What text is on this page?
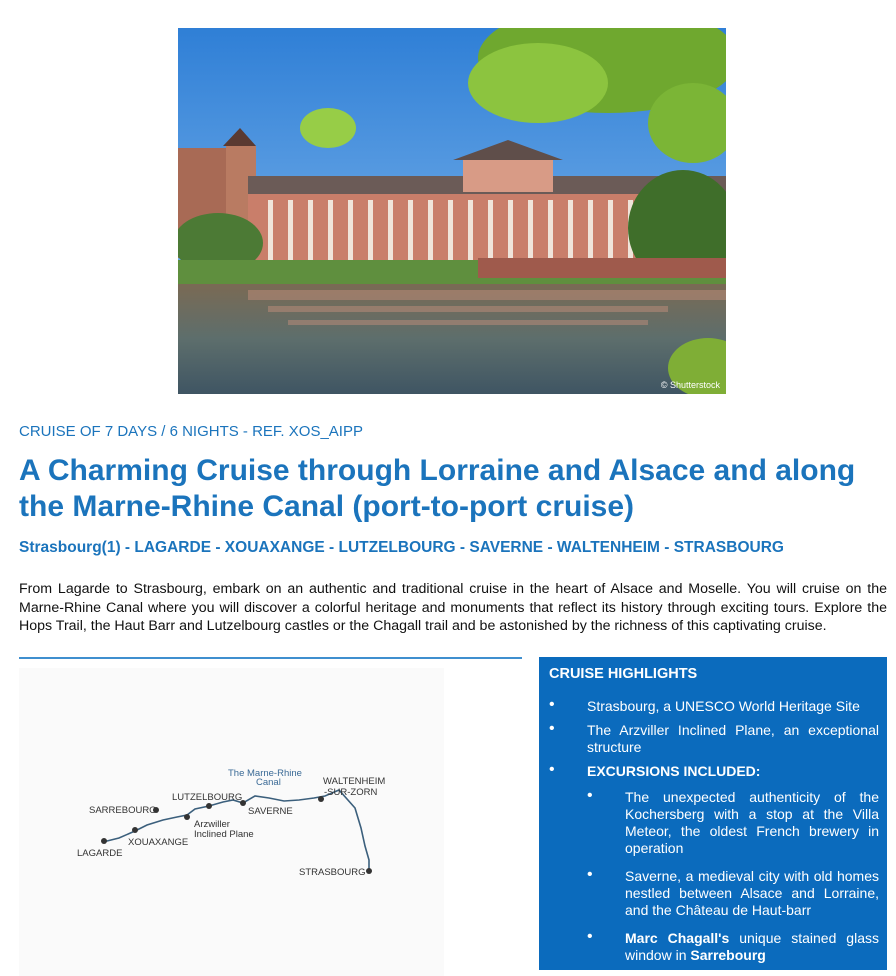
© Shutterstock
CRUISE OF 7 DAYS / 6 NIGHTS - REF. XOS_AIPP
A Charming Cruise through Lorraine and Alsace and along the Marne-Rhine Canal (port-to-port cruise)
Strasbourg(1) - LAGARDE - XOUAXANGE - LUTZELBOURG - SAVERNE - WALTENHEIM - STRASBOURG

From Lagarde to Strasbourg, embark on an authentic and traditional cruise in the heart of Alsace and Moselle. You will cruise on the Marne-Rhine Canal where you will discover a colorful heritage and monuments that reflect its history through exciting tours. Explore the Hops Trail, the Haut Barr and Lutzelbourg castles or the Chagall trail and be astonished by the richness of this captivating cruise.

The Marne-Rhine
Canal
SARREBOURG
LUTZELBOURG
WALTENHEIM
-SUR-ZORN
SAVERNE
Arzwiller
Inclined Plane
XOUAXANGE
LAGARDE
STRASBOURG
CRUISE HIGHLIGHTS
• Strasbourg, a UNESCO World Heritage Site
• The Arzviller Inclined Plane, an exceptional structure
• EXCURSIONS INCLUDED:
• The unexpected authenticity of the Kochersberg with a stop at the Villa Meteor, the oldest French brewery in operation
• Saverne, a medieval city with old homes nestled between Alsace and Lorraine, and the Château de Haut-barr
• Marc Chagall's unique stained glass window in Sarrebourg
